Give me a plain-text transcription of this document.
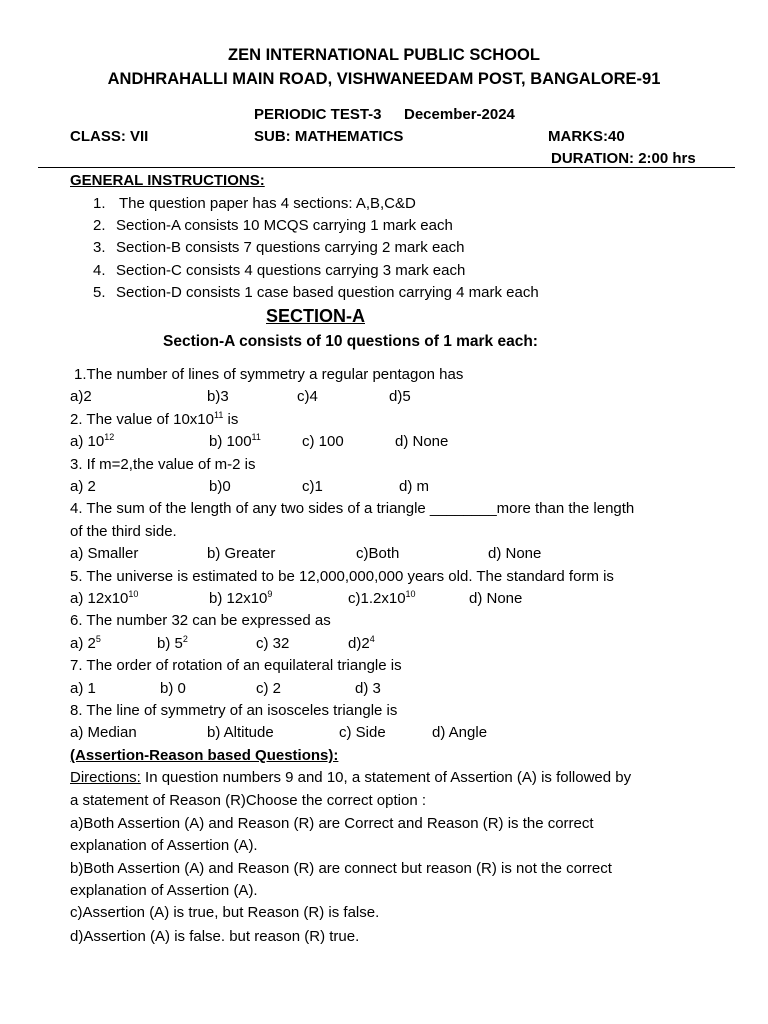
ZEN INTERNATIONAL PUBLIC SCHOOL
ANDHRAHALLI MAIN ROAD, VISHWANEEDAM POST, BANGALORE-91
PERIODIC TEST-3 December-2024
CLASS: VII	SUB: MATHEMATICS	MARKS:40
DURATION: 2:00 hrs
GENERAL INSTRUCTIONS:
1. The question paper has 4 sections: A,B,C&D
2. Section-A consists 10 MCQS carrying 1 mark each
3. Section-B consists 7 questions carrying 2 mark each
4. Section-C consists 4 questions carrying 3 mark each
5. Section-D consists 1 case based question carrying 4 mark each
SECTION-A
Section-A consists of 10 questions of 1 mark each:
1.The number of lines of symmetry a regular pentagon has
a)2	b)3	c)4	d)5
2. The value of $10x10^{11}$ is
a) $10^{12}$	b) $100^{11}$	c) 100	d) None
3. If m=2,the value of m-2 is
a) 2	b)0	c)1	d) m
4. The sum of the length of any two sides of a triangle ________more than the length
of the third side.
a) Smaller	b) Greater	c)Both	d) None
5. The universe is estimated to be 12,000,000,000 years old. The standard form is
a) $12x10^{10}$	b) $12x10^9$	$c)1.2x10^{10}$	d) None
6. The number 32 can be expressed as
a) $2^5$	b) $5^2$	c) 32	$d)2^4$
7. The order of rotation of an equilateral triangle is
a) 1	b) 0	c) 2	d) 3
8. The line of symmetry of an isosceles triangle is
a) Median	b) Altitude	c) Side	d) Angle
(Assertion-Reason based Questions):
Directions: In question numbers 9 and 10, a statement of Assertion (A) is followed by
a statement of Reason (R)Choose the correct option :
a)Both Assertion (A) and Reason (R) are Correct and Reason (R) is the correct
explanation of Assertion (A).
b)Both Assertion (A) and Reason (R) are connect but reason (R) is not the correct
explanation of Assertion (A).
c)Assertion (A) is true, but Reason (R) is false.
d)Assertion (A) is false. but reason (R) true.
